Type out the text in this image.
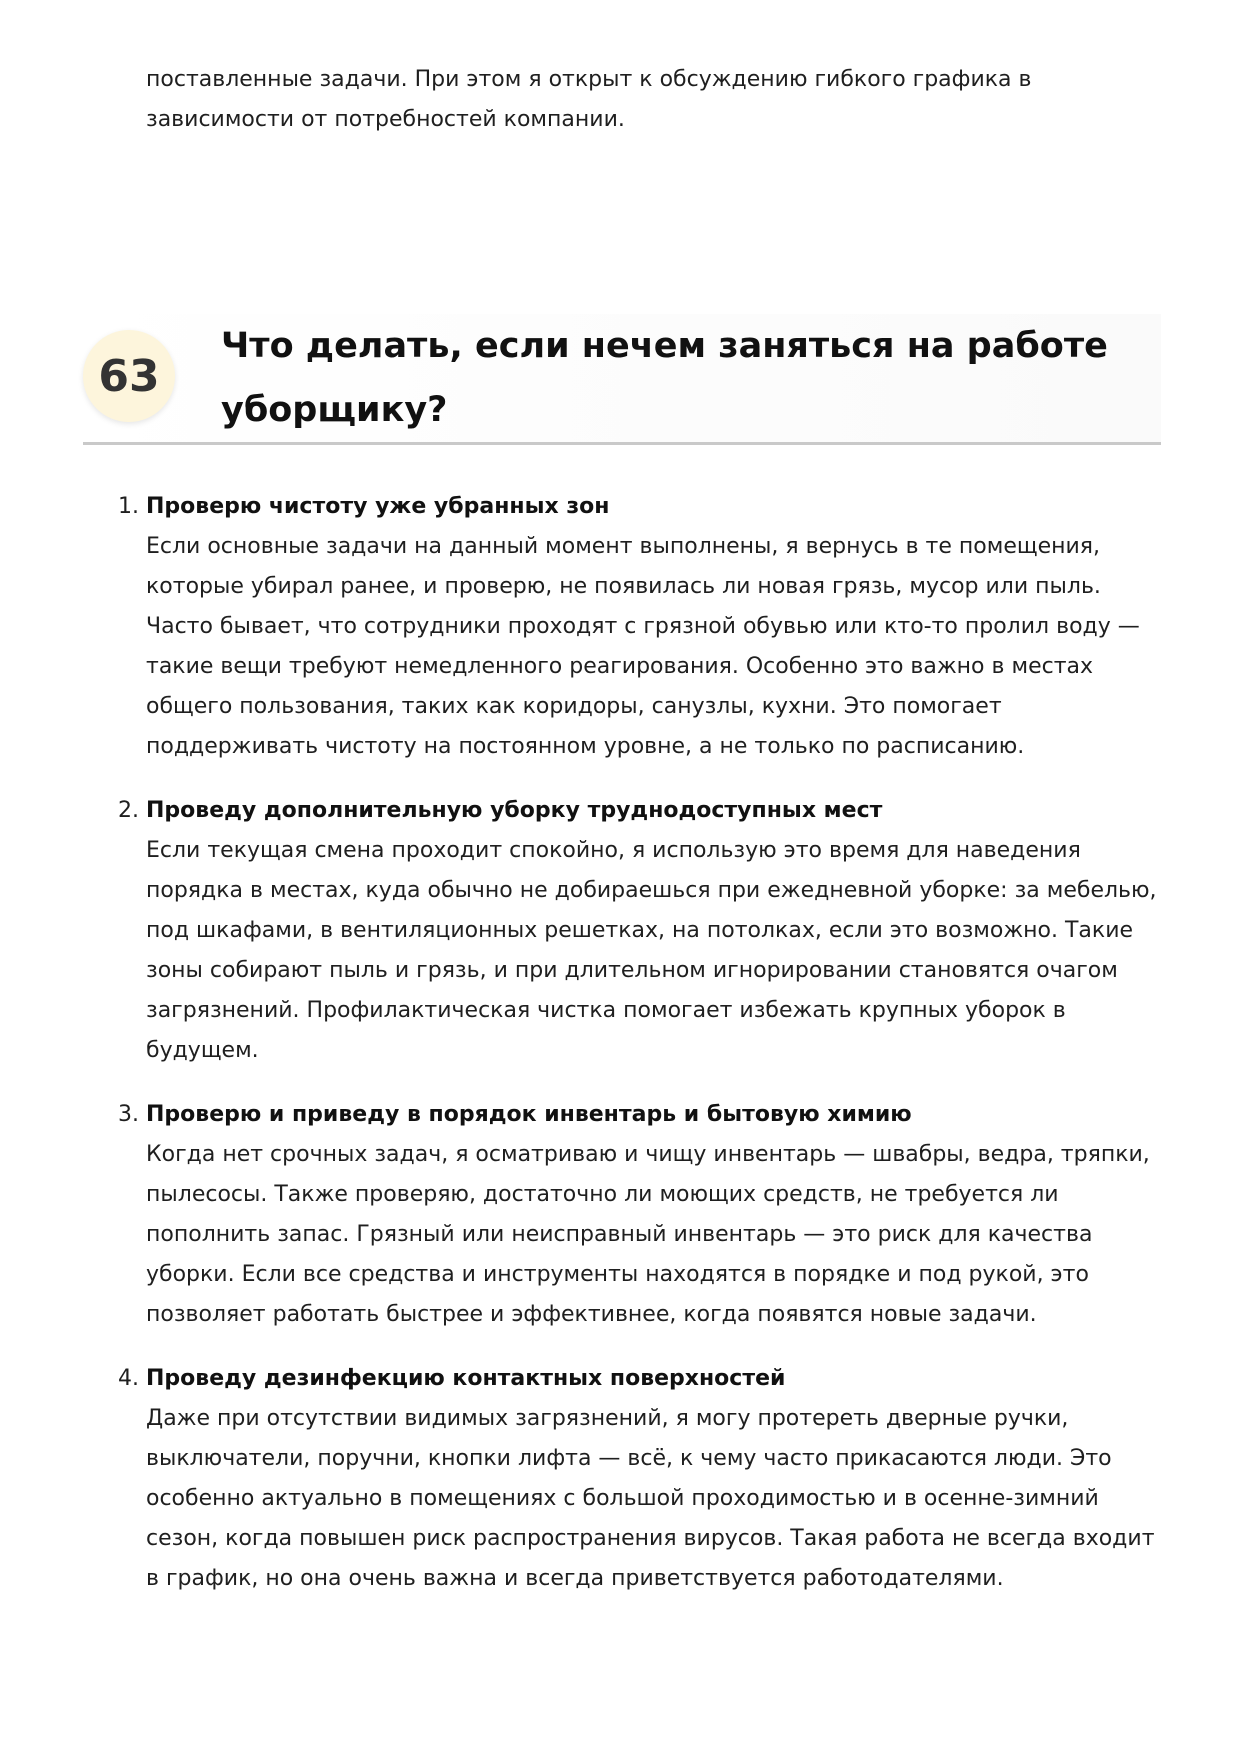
поставленные задачи. При этом я открыт к обсуждению гибкого графика в зависимости от потребностей компании.

63
Что делать, если нечем заняться на работе уборщику?
1. Проверю чистоту уже убранных зон
Если основные задачи на данный момент выполнены, я вернусь в те помещения, которые убирал ранее, и проверю, не появилась ли новая грязь, мусор или пыль. Часто бывает, что сотрудники проходят с грязной обувью или кто-то пролил воду — такие вещи требуют немедленного реагирования. Особенно это важно в местах общего пользования, таких как коридоры, санузлы, кухни. Это помогает поддерживать чистоту на постоянном уровне, а не только по расписанию.
2. Проведу дополнительную уборку труднодоступных мест
Если текущая смена проходит спокойно, я использую это время для наведения порядка в местах, куда обычно не добираешься при ежедневной уборке: за мебелью, под шкафами, в вентиляционных решетках, на потолках, если это возможно. Такие зоны собирают пыль и грязь, и при длительном игнорировании становятся очагом загрязнений. Профилактическая чистка помогает избежать крупных уборок в будущем.
3. Проверю и приведу в порядок инвентарь и бытовую химию
Когда нет срочных задач, я осматриваю и чищу инвентарь — швабры, ведра, тряпки, пылесосы. Также проверяю, достаточно ли моющих средств, не требуется ли пополнить запас. Грязный или неисправный инвентарь — это риск для качества уборки. Если все средства и инструменты находятся в порядке и под рукой, это позволяет работать быстрее и эффективнее, когда появятся новые задачи.
4. Проведу дезинфекцию контактных поверхностей
Даже при отсутствии видимых загрязнений, я могу протереть дверные ручки, выключатели, поручни, кнопки лифта — всё, к чему часто прикасаются люди. Это особенно актуально в помещениях с большой проходимостью и в осенне-зимний сезон, когда повышен риск распространения вирусов. Такая работа не всегда входит в график, но она очень важна и всегда приветствуется работодателями.
